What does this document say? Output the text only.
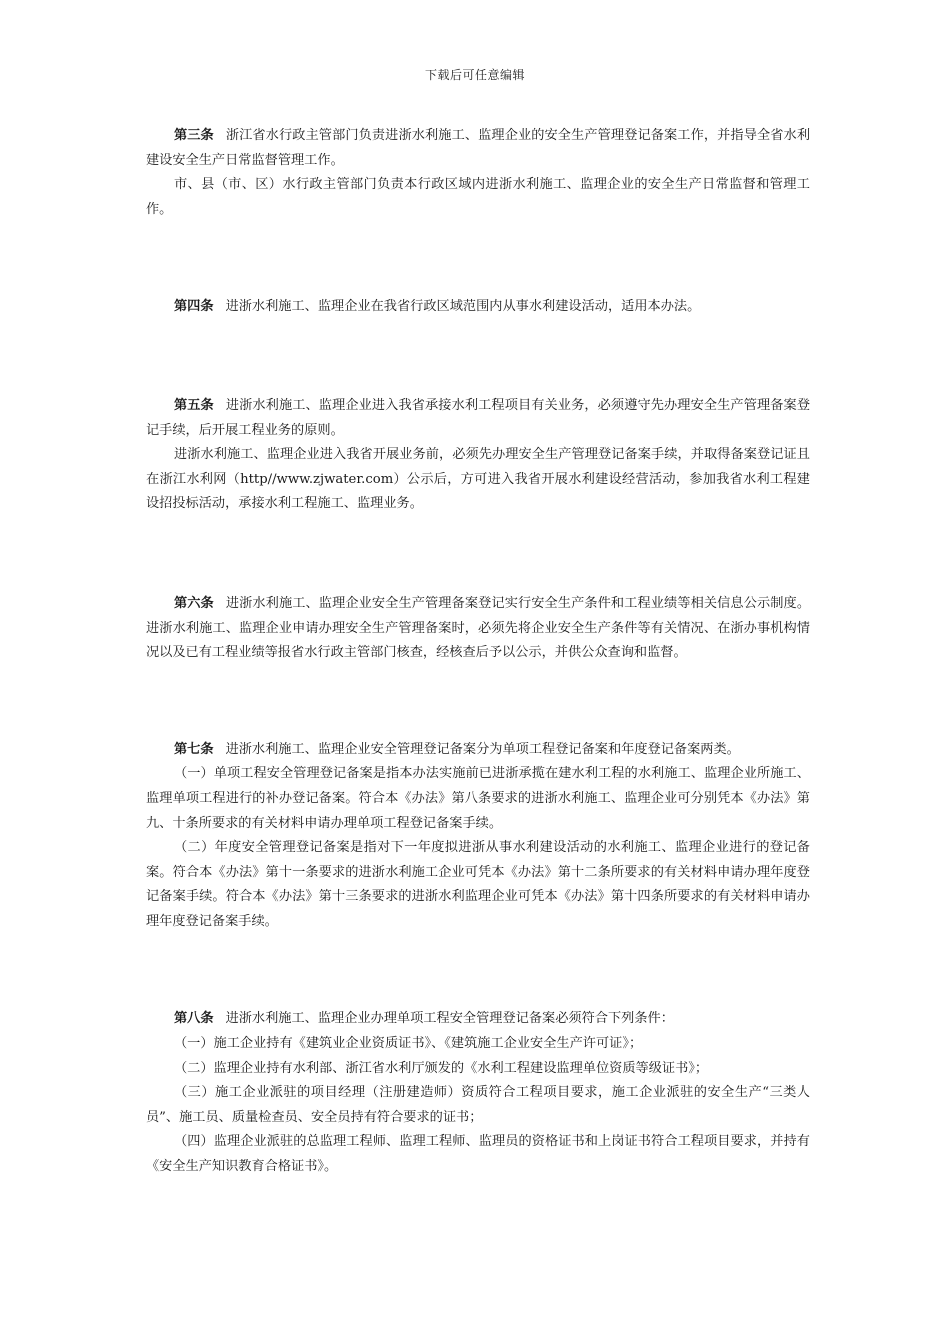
下载后可任意编辑

第三条 浙江省水行政主管部门负责进浙水利施工、监理企业的安全生产管理登记备案工作，并指导全省水利建设安全生产日常监督管理工作。

市、县（市、区）水行政主管部门负责本行政区域内进浙水利施工、监理企业的安全生产日常监督和管理工作。

第四条 进浙水利施工、监理企业在我省行政区域范围内从事水利建设活动，适用本办法。

第五条 进浙水利施工、监理企业进入我省承接水利工程项目有关业务，必须遵守先办理安全生产管理备案登记手续，后开展工程业务的原则。

进浙水利施工、监理企业进入我省开展业务前，必须先办理安全生产管理登记备案手续，并取得备案登记证且在浙江水利网（http//www.zjwater.com）公示后，方可进入我省开展水利建设经营活动，参加我省水利工程建设招投标活动，承接水利工程施工、监理业务。

第六条 进浙水利施工、监理企业安全生产管理备案登记实行安全生产条件和工程业绩等相关信息公示制度。进浙水利施工、监理企业申请办理安全生产管理备案时，必须先将企业安全生产条件等有关情况、在浙办事机构情况以及已有工程业绩等报省水行政主管部门核查，经核查后予以公示，并供公众查询和监督。

第七条 进浙水利施工、监理企业安全管理登记备案分为单项工程登记备案和年度登记备案两类。

（一）单项工程安全管理登记备案是指本办法实施前已进浙承揽在建水利工程的水利施工、监理企业所施工、监理单项工程进行的补办登记备案。符合本《办法》第八条要求的进浙水利施工、监理企业可分别凭本《办法》第九、十条所要求的有关材料申请办理单项工程登记备案手续。

（二）年度安全管理登记备案是指对下一年度拟进浙从事水利建设活动的水利施工、监理企业进行的登记备案。符合本《办法》第十一条要求的进浙水利施工企业可凭本《办法》第十二条所要求的有关材料申请办理年度登记备案手续。符合本《办法》第十三条要求的进浙水利监理企业可凭本《办法》第十四条所要求的有关材料申请办理年度登记备案手续。

第八条 进浙水利施工、监理企业办理单项工程安全管理登记备案必须符合下列条件：

（一）施工企业持有《建筑业企业资质证书》、《建筑施工企业安全生产许可证》；

（二）监理企业持有水利部、浙江省水利厅颁发的《水利工程建设监理单位资质等级证书》；

（三）施工企业派驻的项目经理（注册建造师）资质符合工程项目要求，施工企业派驻的安全生产“三类人员”、施工员、质量检查员、安全员持有符合要求的证书；

（四）监理企业派驻的总监理工程师、监理工程师、监理员的资格证书和上岗证书符合工程项目要求，并持有《安全生产知识教育合格证书》。
